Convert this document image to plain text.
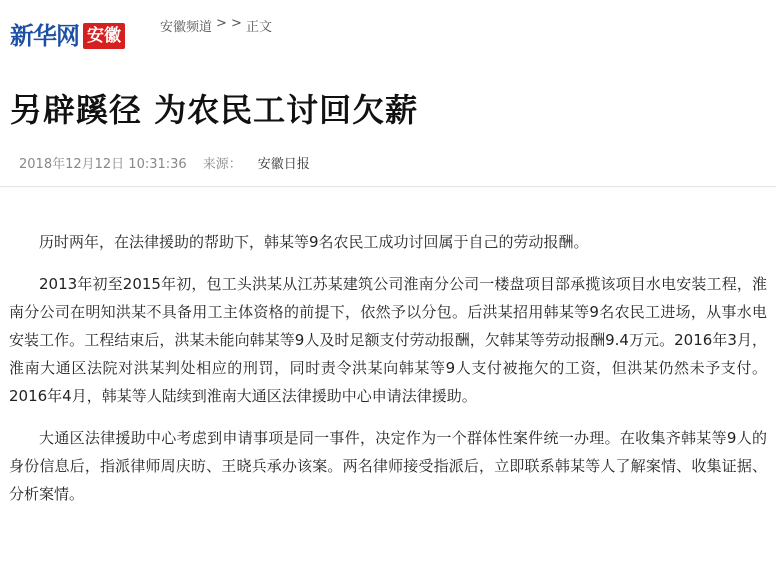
新华网 安徽	安徽频道 > > 正文
另辟蹊径 为农民工讨回欠薪
2018年12月12日 10:31:36 来源： 安徽日报

历时两年，在法律援助的帮助下，韩某等9名农民工成功讨回属于自己的劳动报酬。

2013年初至2015年初，包工头洪某从江苏某建筑公司淮南分公司一楼盘项目部承揽该项目水电安装工程，淮南分公司在明知洪某不具备用工主体资格的前提下，依然予以分包。后洪某招用韩某等9名农民工进场，从事水电安装工作。工程结束后，洪某未能向韩某等9人及时足额支付劳动报酬，欠韩某等劳动报酬9.4万元。2016年3月，淮南大通区法院对洪某判处相应的刑罚，同时责令洪某向韩某等9人支付被拖欠的工资，但洪某仍然未予支付。2016年4月，韩某等人陆续到淮南大通区法律援助中心申请法律援助。

大通区法律援助中心考虑到申请事项是同一事件，决定作为一个群体性案件统一办理。在收集齐韩某等9人的身份信息后，指派律师周庆昉、王晓兵承办该案。两名律师接受指派后，立即联系韩某等人了解案情、收集证据、分析案情。
